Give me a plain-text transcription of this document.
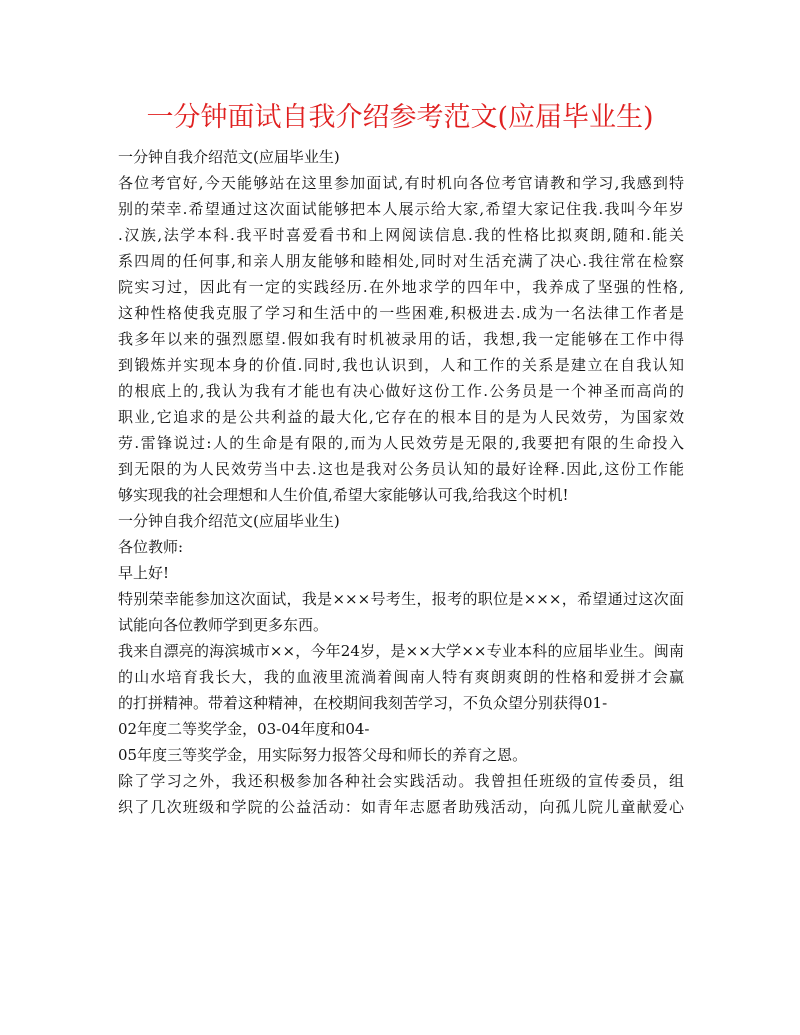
一分钟面试自我介绍参考范文(应届毕业生)
一分钟自我介绍范文(应届毕业生)
各位考官好,今天能够站在这里参加面试,有时机向各位考官请教和学习,我感到特
别的荣幸.希望通过这次面试能够把本人展示给大家,希望大家记住我.我叫今年岁
.汉族,法学本科.我平时喜爱看书和上网阅读信息.我的性格比拟爽朗,随和.能关
系四周的任何事,和亲人朋友能够和睦相处,同时对生活充满了决心.我往常在检察
院实习过，因此有一定的实践经历.在外地求学的四年中，我养成了坚强的性格,
这种性格使我克服了学习和生活中的一些困难,积极进去.成为一名法律工作者是
我多年以来的强烈愿望.假如我有时机被录用的话，我想,我一定能够在工作中得
到锻炼并实现本身的价值.同时,我也认识到，人和工作的关系是建立在自我认知
的根底上的,我认为我有才能也有决心做好这份工作.公务员是一个神圣而高尚的
职业,它追求的是公共利益的最大化,它存在的根本目的是为人民效劳，为国家效
劳.雷锋说过:人的生命是有限的,而为人民效劳是无限的,我要把有限的生命投入
到无限的为人民效劳当中去.这也是我对公务员认知的最好诠释.因此,这份工作能
够实现我的社会理想和人生价值,希望大家能够认可我,给我这个时机!
一分钟自我介绍范文(应届毕业生)
各位教师:
早上好!
特别荣幸能参加这次面试，我是×××号考生，报考的职位是×××，希望通过这次面
试能向各位教师学到更多东西。
我来自漂亮的海滨城市××，今年24岁，是××大学××专业本科的应届毕业生。闽南
的山水培育我长大，我的血液里流淌着闽南人特有爽朗爽朗的性格和爱拼才会赢
的打拼精神。带着这种精神，在校期间我刻苦学习，不负众望分别获得01-
02年度二等奖学金，03-04年度和04-
05年度三等奖学金，用实际努力报答父母和师长的养育之恩。
除了学习之外，我还积极参加各种社会实践活动。我曾担任班级的宣传委员，组
织了几次班级和学院的公益活动：如青年志愿者助残活动，向孤儿院儿童献爱心
